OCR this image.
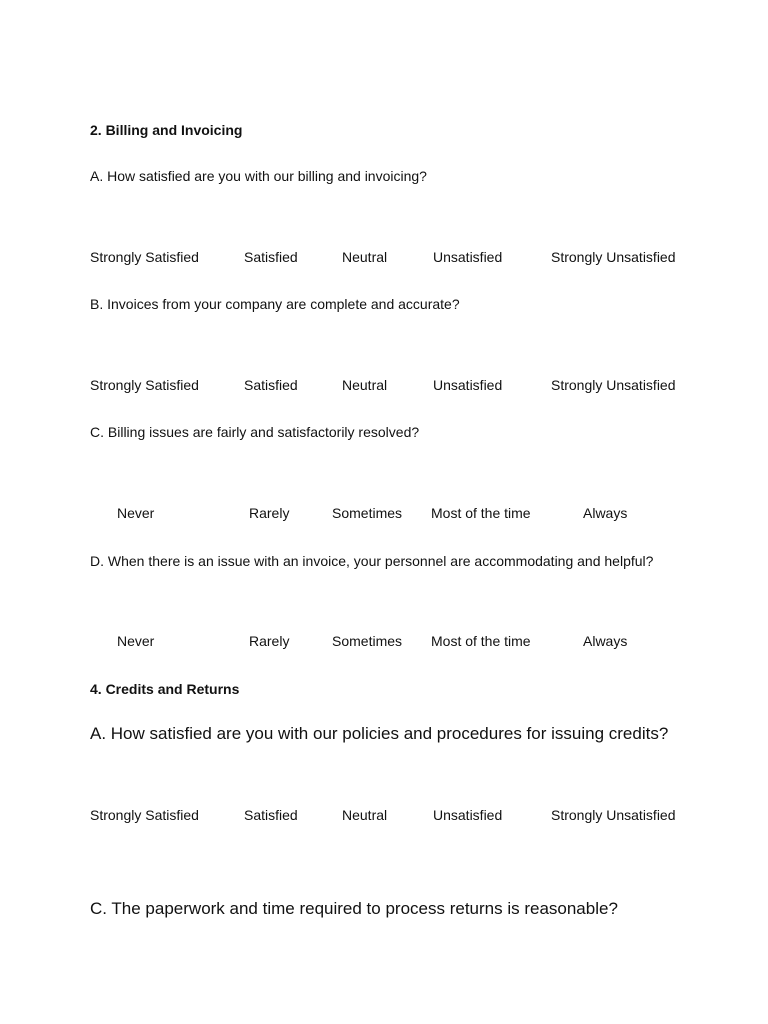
2. Billing and Invoicing
A. How satisfied are you with our billing and invoicing?
Strongly Satisfied	Satisfied	Neutral	Unsatisfied	Strongly Unsatisfied
B. Invoices from your company are complete and accurate?
Strongly Satisfied	Satisfied	Neutral	Unsatisfied	Strongly Unsatisfied
C. Billing issues are fairly and satisfactorily resolved?
Never	Rarely	Sometimes Most of the time	Always
D. When there is an issue with an invoice, your personnel are accommodating and helpful?
Never	Rarely	Sometimes Most of the time	Always
4. Credits and Returns
A. How satisfied are you with our policies and procedures for issuing credits?
Strongly Satisfied	Satisfied	Neutral	Unsatisfied	Strongly Unsatisfied
C. The paperwork and time required to process returns is reasonable?
